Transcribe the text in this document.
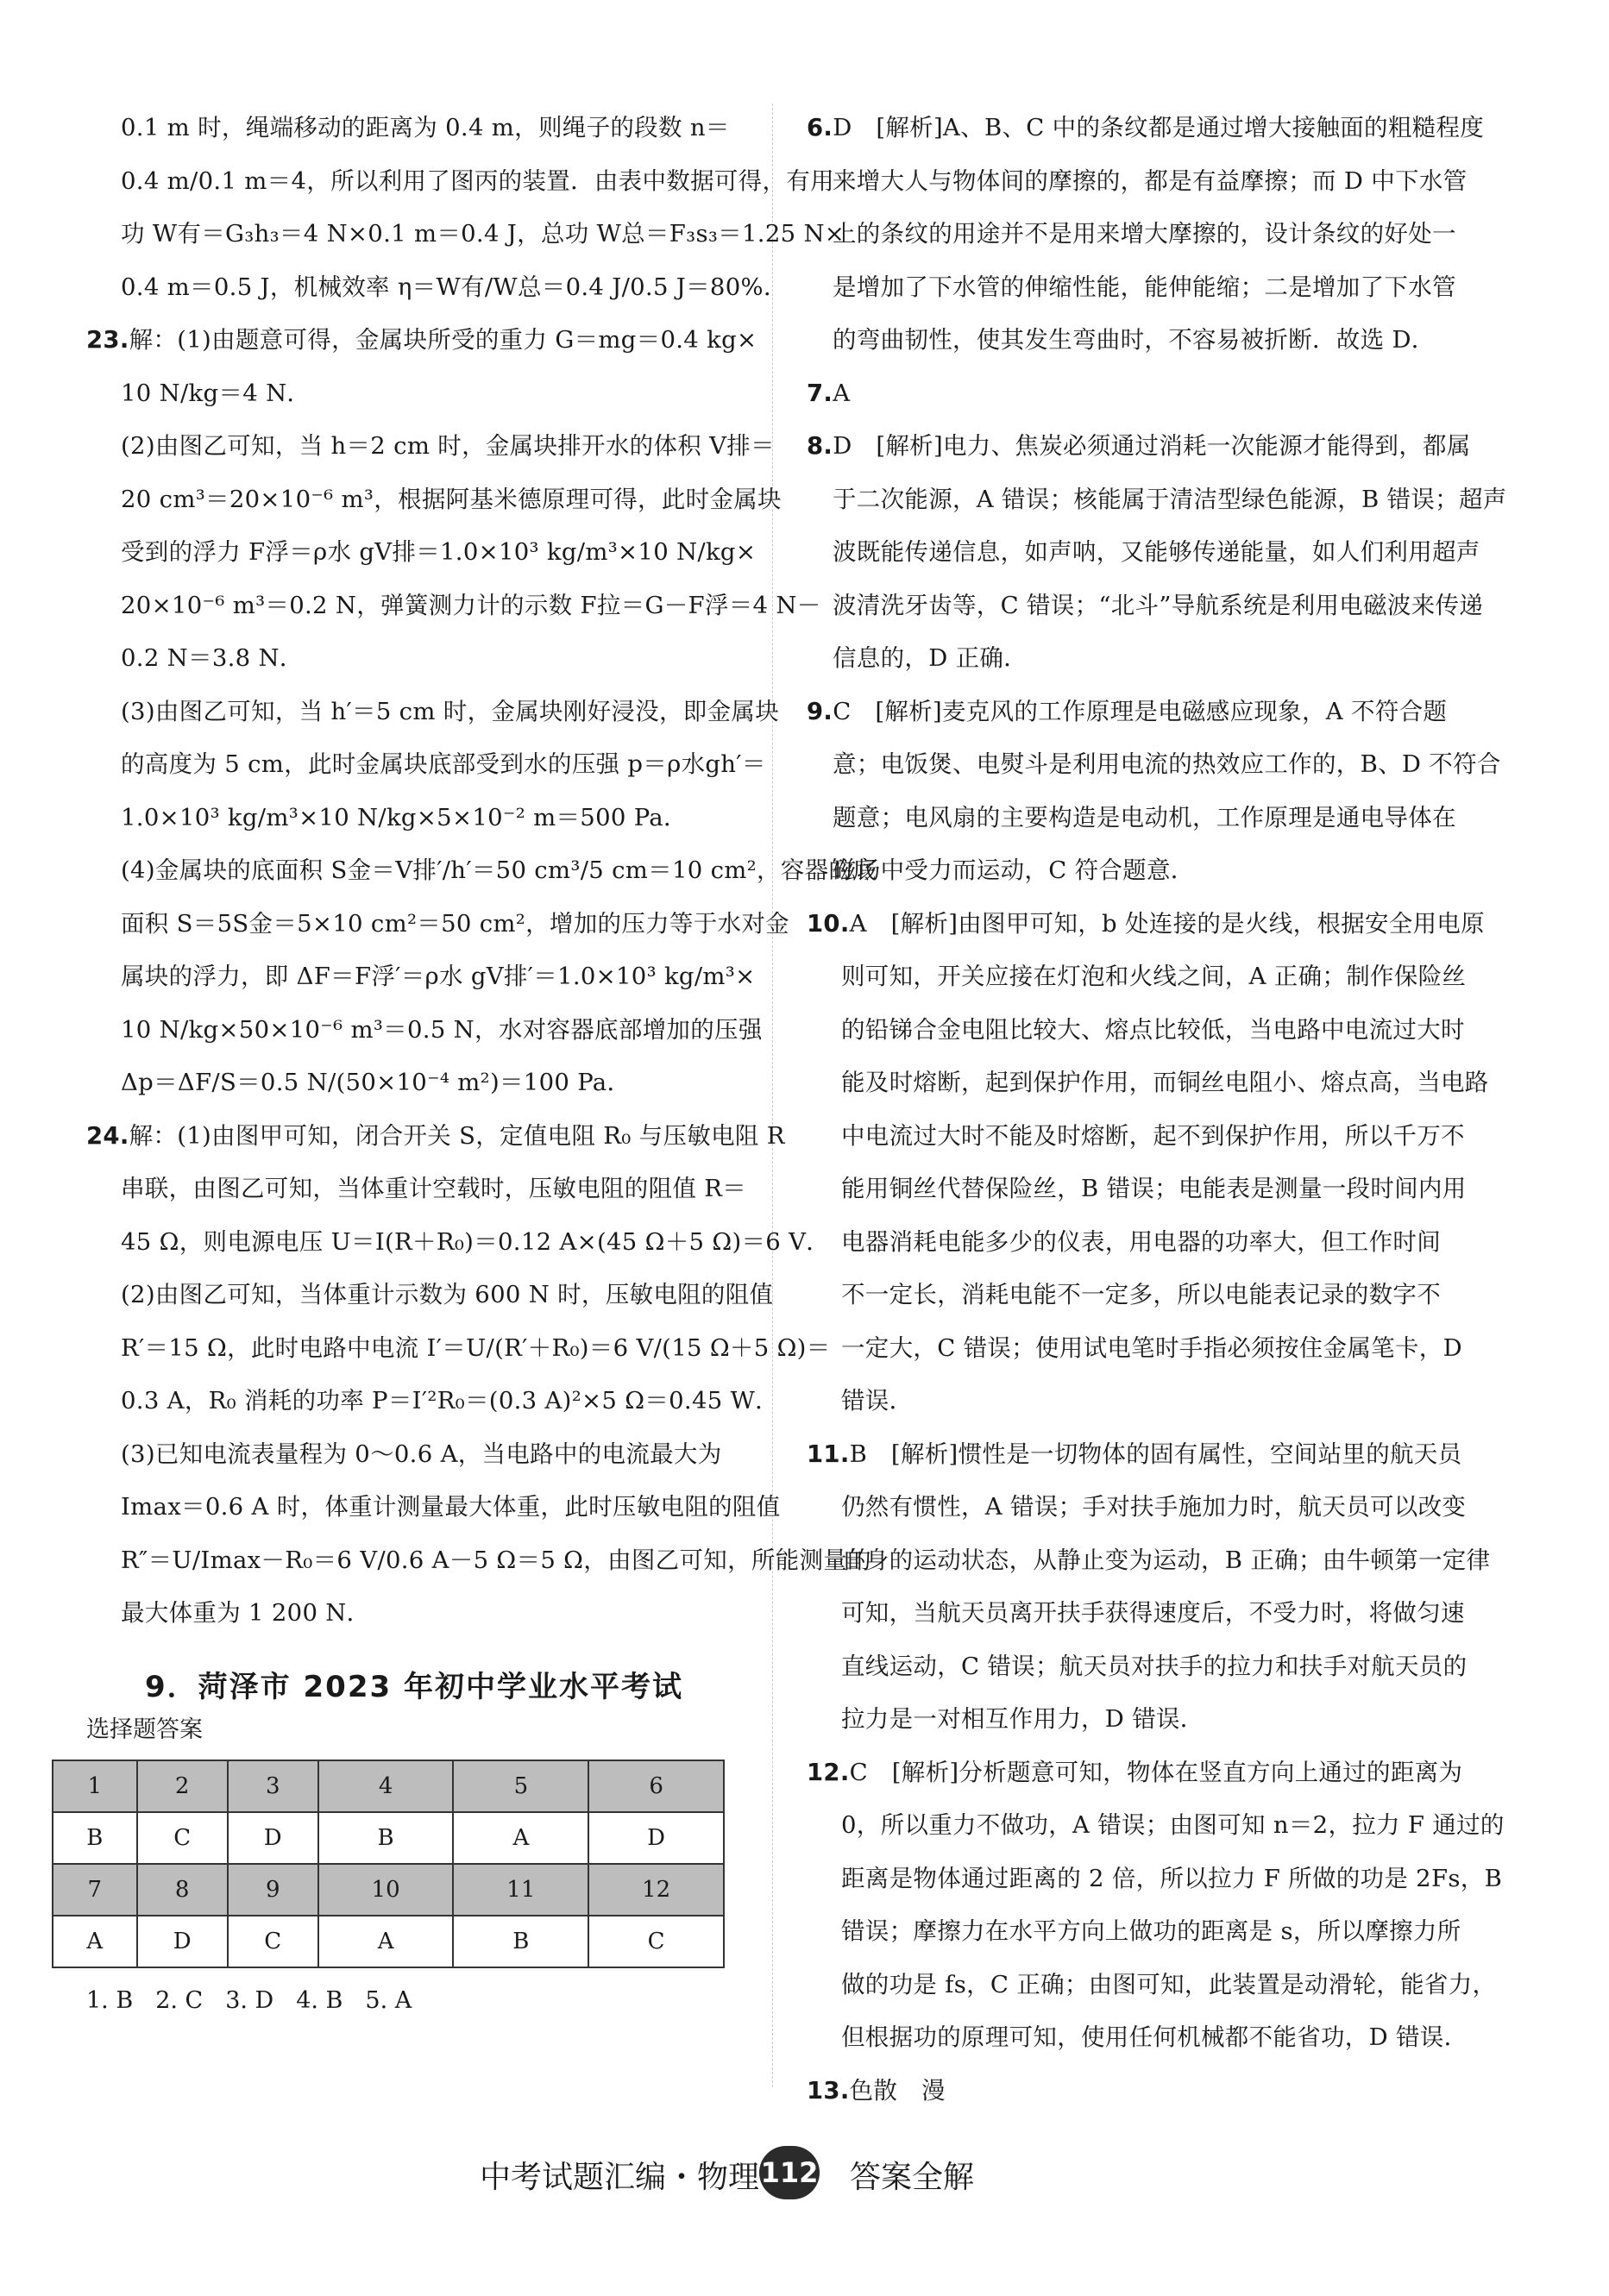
0.1 m 时，绳端移动的距离为 0.4 m，则绳子的段数 n＝

0.4 m/0.1 m＝4，所以利用了图丙的装置．由表中数据可得，有用

功 W有＝G₃h₃＝4 N×0.1 m＝0.4 J，总功 W总＝F₃s₃＝1.25 N×

0.4 m＝0.5 J，机械效率 η＝W有/W总＝0.4 J/0.5 J＝80%．

23.解：(1)由题意可得，金属块所受的重力 G＝mg＝0.4 kg×

10 N/kg＝4 N．

(2)由图乙可知，当 h＝2 cm 时，金属块排开水的体积 V排＝

20 cm³＝20×10⁻⁶ m³，根据阿基米德原理可得，此时金属块

受到的浮力 F浮＝ρ水 gV排＝1.0×10³ kg/m³×10 N/kg×

20×10⁻⁶ m³＝0.2 N，弹簧测力计的示数 F拉＝G－F浮＝4 N－

0.2 N＝3.8 N．

(3)由图乙可知，当 h′＝5 cm 时，金属块刚好浸没，即金属块

的高度为 5 cm，此时金属块底部受到水的压强 p＝ρ水gh′＝

1.0×10³ kg/m³×10 N/kg×5×10⁻² m＝500 Pa．

(4)金属块的底面积 S金＝V排′/h′＝50 cm³/5 cm＝10 cm²，容器的底

面积 S＝5S金＝5×10 cm²＝50 cm²，增加的压力等于水对金

属块的浮力，即 ΔF＝F浮′＝ρ水 gV排′＝1.0×10³ kg/m³×

10 N/kg×50×10⁻⁶ m³＝0.5 N，水对容器底部增加的压强

Δp＝ΔF/S＝0.5 N/(50×10⁻⁴ m²)＝100 Pa．

24.解：(1)由图甲可知，闭合开关 S，定值电阻 R₀ 与压敏电阻 R

串联，由图乙可知，当体重计空载时，压敏电阻的阻值 R＝

45 Ω，则电源电压 U＝I(R＋R₀)＝0.12 A×(45 Ω＋5 Ω)＝6 V．

(2)由图乙可知，当体重计示数为 600 N 时，压敏电阻的阻值

R′＝15 Ω，此时电路中电流 I′＝U/(R′＋R₀)＝6 V/(15 Ω＋5 Ω)＝

0.3 A，R₀ 消耗的功率 P＝I′²R₀＝(0.3 A)²×5 Ω＝0.45 W．

(3)已知电流表量程为 0～0.6 A，当电路中的电流最大为

Imax＝0.6 A 时，体重计测量最大体重，此时压敏电阻的阻值

R″＝U/Imax－R₀＝6 V/0.6 A－5 Ω＝5 Ω，由图乙可知，所能测量的

最大体重为 1 200 N．

9．菏泽市 2023 年初中学业水平考试
选择题答案
1	2	3	4	5	6
B	C	D	B	A	D
7	8	9	10	11	12
A	D	C	A	B	C
1. B 2. C 3. D 4. B 5. A

6.D　[解析]A、B、C 中的条纹都是通过增大接触面的粗糙程度

来增大人与物体间的摩擦的，都是有益摩擦；而 D 中下水管

上的条纹的用途并不是用来增大摩擦的，设计条纹的好处一

是增加了下水管的伸缩性能，能伸能缩；二是增加了下水管

的弯曲韧性，使其发生弯曲时，不容易被折断．故选 D．

7.A

8.D　[解析]电力、焦炭必须通过消耗一次能源才能得到，都属

于二次能源，A 错误；核能属于清洁型绿色能源，B 错误；超声

波既能传递信息，如声呐，又能够传递能量，如人们利用超声

波清洗牙齿等，C 错误；“北斗”导航系统是利用电磁波来传递

信息的，D 正确．

9.C　[解析]麦克风的工作原理是电磁感应现象，A 不符合题

意；电饭煲、电熨斗是利用电流的热效应工作的，B、D 不符合

题意；电风扇的主要构造是电动机，工作原理是通电导体在

磁场中受力而运动，C 符合题意．

10.A　[解析]由图甲可知，b 处连接的是火线，根据安全用电原

则可知，开关应接在灯泡和火线之间，A 正确；制作保险丝

的铅锑合金电阻比较大、熔点比较低，当电路中电流过大时

能及时熔断，起到保护作用，而铜丝电阻小、熔点高，当电路

中电流过大时不能及时熔断，起不到保护作用，所以千万不

能用铜丝代替保险丝，B 错误；电能表是测量一段时间内用

电器消耗电能多少的仪表，用电器的功率大，但工作时间

不一定长，消耗电能不一定多，所以电能表记录的数字不

一定大，C 错误；使用试电笔时手指必须按住金属笔卡，D

错误．

11.B　[解析]惯性是一切物体的固有属性，空间站里的航天员

仍然有惯性，A 错误；手对扶手施加力时，航天员可以改变

自身的运动状态，从静止变为运动，B 正确；由牛顿第一定律

可知，当航天员离开扶手获得速度后，不受力时，将做匀速

直线运动，C 错误；航天员对扶手的拉力和扶手对航天员的

拉力是一对相互作用力，D 错误．

12.C　[解析]分析题意可知，物体在竖直方向上通过的距离为

0，所以重力不做功，A 错误；由图可知 n＝2，拉力 F 通过的

距离是物体通过距离的 2 倍，所以拉力 F 所做的功是 2Fs，B

错误；摩擦力在水平方向上做功的距离是 s，所以摩擦力所

做的功是 fs，C 正确；由图可知，此装置是动滑轮，能省力，

但根据功的原理可知，使用任何机械都不能省功，D 错误．

13.色散　漫

中考试题汇编・物理 112 答案全解
